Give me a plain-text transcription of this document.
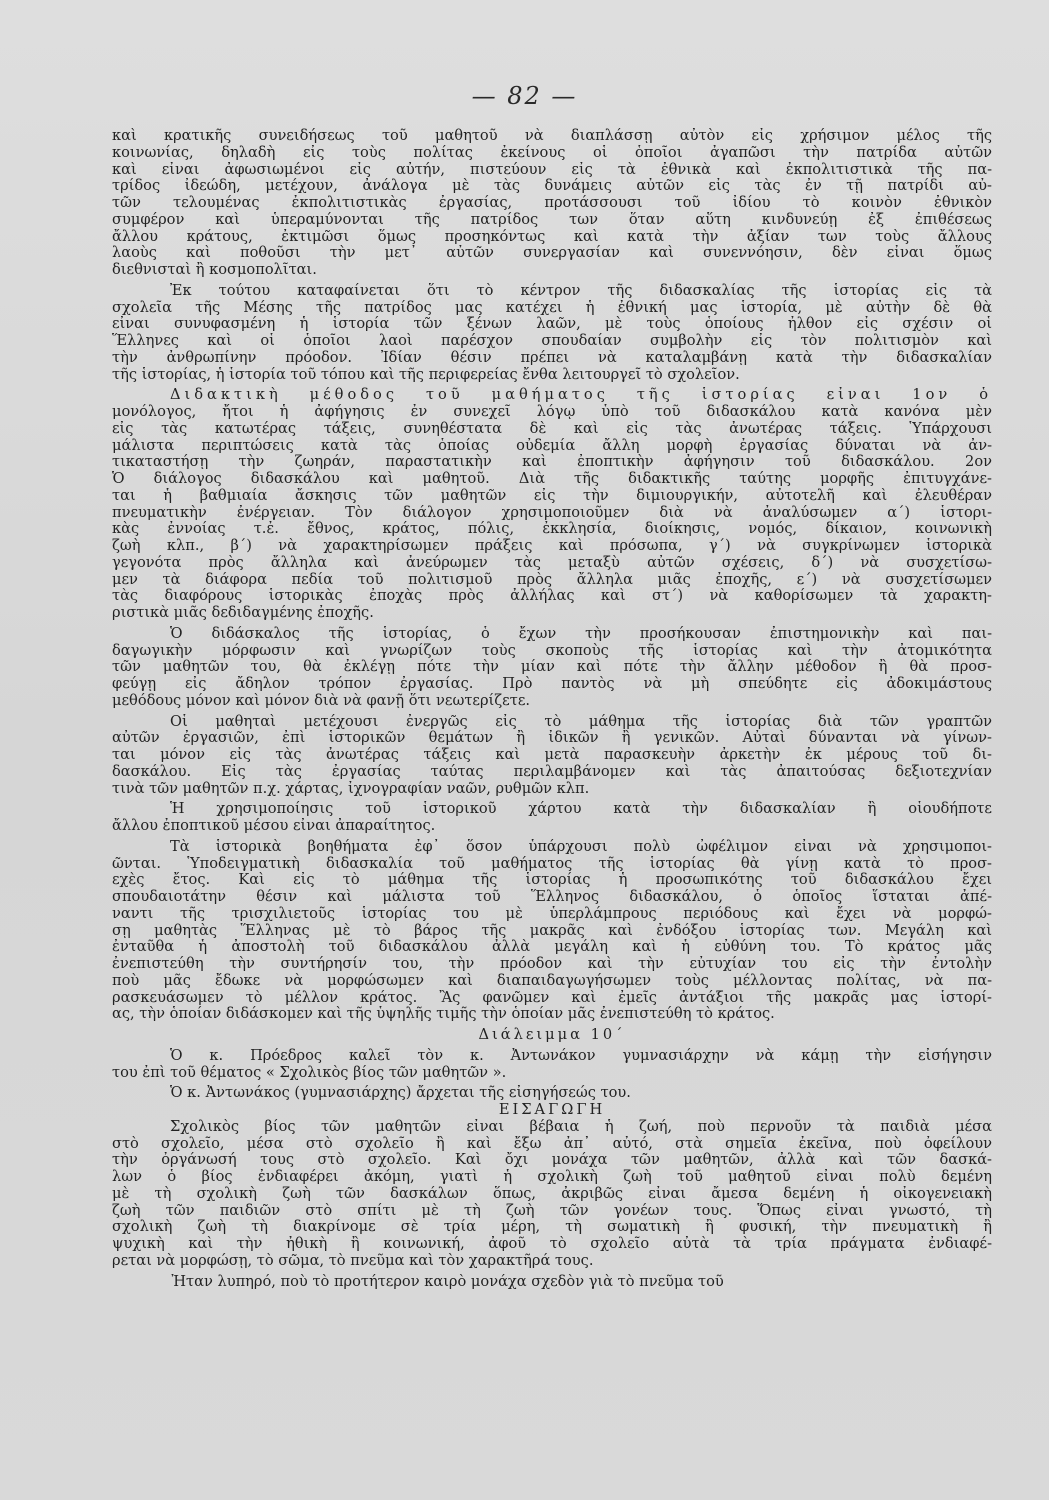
— 82 —
καὶ κρατικῆς συνειδήσεως τοῦ μαθητοῦ νὰ διαπλάσσῃ αὐτὸν εἰς χρήσιμον μέλος τῆς
κοινωνίας, δηλαδὴ εἰς τοὺς πολίτας ἐκείνους οἱ ὁποῖοι ἀγαπῶσι τὴν πατρίδα αὐτῶν
καὶ εἶναι ἀφωσιωμένοι εἰς αὐτήν, πιστεύουν εἰς τὰ ἐθνικὰ καὶ ἐκπολιτιστικὰ τῆς πα-
τρίδος ἰδεώδη, μετέχουν, ἀνάλογα μὲ τὰς δυνάμεις αὐτῶν εἰς τὰς ἐν τῇ πατρίδι αὐ-
τῶν τελουμένας ἐκπολιτιστικὰς ἐργασίας, προτάσσουσι τοῦ ἰδίου τὸ κοινὸν ἐθνικὸν
συμφέρον καὶ ὑπεραμύνονται τῆς πατρίδος των ὅταν αὕτη κινδυνεύῃ ἐξ ἐπιθέσεως
ἄλλου κράτους, ἐκτιμῶσι ὅμως προσηκόντως καὶ κατὰ τὴν ἀξίαν των τοὺς ἄλλους
λαοὺς καὶ ποθοῦσι τὴν μετ᾽ αὐτῶν συνεργασίαν καὶ συνεννόησιν, δὲν εἶναι ὅμως
διεθνισταὶ ἢ κοσμοπολῖται.
Ἐκ τούτου καταφαίνεται ὅτι τὸ κέντρον τῆς διδασκαλίας τῆς ἱστορίας εἰς τὰ
σχολεῖα τῆς Μέσης τῆς πατρίδος μας κατέχει ἡ ἐθνική μας ἱστορία, μὲ αὐτὴν δὲ θὰ
εἶναι συνυφασμένη ἡ ἱστορία τῶν ξένων λαῶν, μὲ τοὺς ὁποίους ἦλθον εἰς σχέσιν οἱ
Ἕλληνες καὶ οἱ ὁποῖοι λαοὶ παρέσχον σπουδαίαν συμβολὴν εἰς τὸν πολιτισμὸν καὶ
τὴν ἀνθρωπίνην πρόοδον. Ἰδίαν θέσιν πρέπει νὰ καταλαμβάνῃ κατὰ τὴν διδασκαλίαν
τῆς ἱστορίας, ἡ ἱστορία τοῦ τόπου καὶ τῆς περιφερείας ἔνθα λειτουργεῖ τὸ σχολεῖον.
Διδακτικὴ μέθοδος τοῦ μαθήματος τῆς ἱστορίας εἶναι 1ον ὁ
μονόλογος, ἤτοι ἡ ἀφήγησις ἐν συνεχεῖ λόγῳ ὑπὸ τοῦ διδασκάλου κατὰ κανόνα μὲν
εἰς τὰς κατωτέρας τάξεις, συνηθέστατα δὲ καὶ εἰς τὰς ἀνωτέρας τάξεις. Ὑπάρχουσι
μάλιστα περιπτώσεις κατὰ τὰς ὁποίας οὐδεμία ἄλλη μορφὴ ἐργασίας δύναται νὰ ἀν-
τικαταστήσῃ τὴν ζωηράν, παραστατικὴν καὶ ἐποπτικὴν ἀφήγησιν τοῦ διδασκάλου. 2ον
Ὁ διάλογος διδασκάλου καὶ μαθητοῦ. Διὰ τῆς διδακτικῆς ταύτης μορφῆς ἐπιτυγχάνε-
ται ἡ βαθμιαία ἄσκησις τῶν μαθητῶν εἰς τὴν διμιουργικήν, αὐτοτελῆ καὶ ἐλευθέραν
πνευματικὴν ἐνέργειαν. Τὸν διάλογον χρησιμοποιοῦμεν διὰ νὰ ἀναλύσωμεν α´) ἱστορι-
κὰς ἐννοίας τ.ἐ. ἔθνος, κράτος, πόλις, ἐκκλησία, διοίκησις, νομός, δίκαιον, κοινωνικὴ
ζωὴ κλπ., β´) νὰ χαρακτηρίσωμεν πράξεις καὶ πρόσωπα, γ´) νὰ συγκρίνωμεν ἱστορικὰ
γεγονότα πρὸς ἄλληλα καὶ ἀνεύρωμεν τὰς μεταξὺ αὐτῶν σχέσεις, δ´) νὰ συσχετίσω-
μεν τὰ διάφορα πεδία τοῦ πολιτισμοῦ πρὸς ἄλληλα μιᾶς ἐποχῆς, ε´) νὰ συσχετίσωμεν
τὰς διαφόρους ἱστορικὰς ἐποχὰς πρὸς ἀλλήλας καὶ στ´) νὰ καθορίσωμεν τὰ χαρακτη-
ριστικὰ μιᾶς δεδιδαγμένης ἐποχῆς.
Ὁ διδάσκαλος τῆς ἱστορίας, ὁ ἔχων τὴν προσήκουσαν ἐπιστημονικὴν καὶ παι-
δαγωγικὴν μόρφωσιν καὶ γνωρίζων τοὺς σκοποὺς τῆς ἱστορίας καὶ τὴν ἀτομικότητα
τῶν μαθητῶν του, θὰ ἐκλέγῃ πότε τὴν μίαν καὶ πότε τὴν ἄλλην μέθοδον ἢ θὰ προσ-
φεύγῃ εἰς ἄδηλον τρόπον ἐργασίας. Πρὸ παντὸς νὰ μὴ σπεύδητε εἰς ἀδοκιμάστους
μεθόδους μόνον καὶ μόνον διὰ νὰ φανῇ ὅτι νεωτερίζετε.
Οἱ μαθηταὶ μετέχουσι ἐνεργῶς εἰς τὸ μάθημα τῆς ἱστορίας διὰ τῶν γραπτῶν
αὐτῶν ἐργασιῶν, ἐπὶ ἱστορικῶν θεμάτων ἢ ἰδικῶν ἢ γενικῶν. Αὐταὶ δύνανται νὰ γίνων-
ται μόνον εἰς τὰς ἀνωτέρας τάξεις καὶ μετὰ παρασκευὴν ἀρκετὴν ἐκ μέρους τοῦ δι-
δασκάλου. Εἰς τὰς ἐργασίας ταύτας περιλαμβάνομεν καὶ τὰς ἀπαιτούσας δεξιοτεχνίαν
τινὰ τῶν μαθητῶν π.χ. χάρτας, ἰχνογραφίαν ναῶν, ρυθμῶν κλπ.
Ἡ χρησιμοποίησις τοῦ ἱστορικοῦ χάρτου κατὰ τὴν διδασκαλίαν ἢ οἱουδήποτε
ἄλλου ἐποπτικοῦ μέσου εἶναι ἀπαραίτητος.
Τὰ ἱστορικὰ βοηθήματα ἐφ᾽ ὅσον ὑπάρχουσι πολὺ ὠφέλιμον εἶναι νὰ χρησιμοποι-
ῶνται. Ὑποδειγματικὴ διδασκαλία τοῦ μαθήματος τῆς ἱστορίας θὰ γίνῃ κατὰ τὸ προσ-
εχὲς ἔτος. Καὶ εἰς τὸ μάθημα τῆς ἱστορίας ἡ προσωπικότης τοῦ διδασκάλου ἔχει
σπουδαιοτάτην θέσιν καὶ μάλιστα τοῦ Ἕλληνος διδασκάλου, ὁ ὁποῖος ἵσταται ἀπέ-
ναντι τῆς τρισχιλιετοῦς ἱστορίας του μὲ ὑπερλάμπρους περιόδους καὶ ἔχει νὰ μορφώ-
σῃ μαθητὰς Ἕλληνας μὲ τὸ βάρος τῆς μακρᾶς καὶ ἐνδόξου ἱστορίας των. Μεγάλη καὶ
ἐνταῦθα ἡ ἀποστολὴ τοῦ διδασκάλου ἀλλὰ μεγάλη καὶ ἡ εὐθύνη του. Τὸ κράτος μᾶς
ἐνεπιστεύθη τὴν συντήρησίν του, τὴν πρόοδον καὶ τὴν εὐτυχίαν του εἰς τὴν ἐντολὴν
ποὺ μᾶς ἔδωκε νὰ μορφώσωμεν καὶ διαπαιδαγωγήσωμεν τοὺς μέλλοντας πολίτας, νὰ πα-
ρασκευάσωμεν τὸ μέλλον κράτος. Ἂς φανῶμεν καὶ ἐμεῖς ἀντάξιοι τῆς μακρᾶς μας ἱστορί-
ας, τὴν ὁποίαν διδάσκομεν καὶ τῆς ὑψηλῆς τιμῆς τὴν ὁποίαν μᾶς ἐνεπιστεύθη τὸ κράτος.
Διάλειμμα 10´
Ὁ κ. Πρόεδρος καλεῖ τὸν κ. Ἀντωνάκον γυμνασιάρχην νὰ κάμῃ τὴν εἰσήγησιν
του ἐπὶ τοῦ θέματος « Σχολικὸς βίος τῶν μαθητῶν ».
Ὁ κ. Ἀντωνάκος (γυμνασιάρχης) ἄρχεται τῆς εἰσηγήσεώς του.
ΕΙΣΑΓΩΓΗ
Σχολικὸς βίος τῶν μαθητῶν εἶναι βέβαια ἡ ζωή, ποὺ περνοῦν τὰ παιδιὰ μέσα
στὸ σχολεῖο, μέσα στὸ σχολεῖο ἢ καὶ ἔξω ἀπ᾽ αὐτό, στὰ σημεῖα ἐκεῖνα, ποὺ ὀφείλουν
τὴν ὀργάνωσή τους στὸ σχολεῖο. Καὶ ὄχι μονάχα τῶν μαθητῶν, ἀλλὰ καὶ τῶν δασκά-
λων ὁ βίος ἐνδιαφέρει ἀκόμη, γιατὶ ἡ σχολικὴ ζωὴ τοῦ μαθητοῦ εἶναι πολὺ δεμένη
μὲ τὴ σχολικὴ ζωὴ τῶν δασκάλων ὅπως, ἀκριβῶς εἶναι ἄμεσα δεμένη ἡ οἰκογενειακὴ
ζωὴ τῶν παιδιῶν στὸ σπίτι μὲ τὴ ζωὴ τῶν γονέων τους. Ὅπως εἶναι γνωστό, τὴ
σχολικὴ ζωὴ τὴ διακρίνομε σὲ τρία μέρη, τὴ σωματικὴ ἢ φυσική, τὴν πνευματικὴ ἢ
ψυχικὴ καὶ τὴν ἠθικὴ ἢ κοινωνική, ἀφοῦ τὸ σχολεῖο αὐτὰ τὰ τρία πράγματα ἐνδιαφέ-
ρεται νὰ μορφώσῃ, τὸ σῶμα, τὸ πνεῦμα καὶ τὸν χαρακτῆρά τους.
Ἦταν λυπηρό, ποὺ τὸ προτήτερον καιρὸ μονάχα σχεδὸν γιὰ τὸ πνεῦμα τοῦ
